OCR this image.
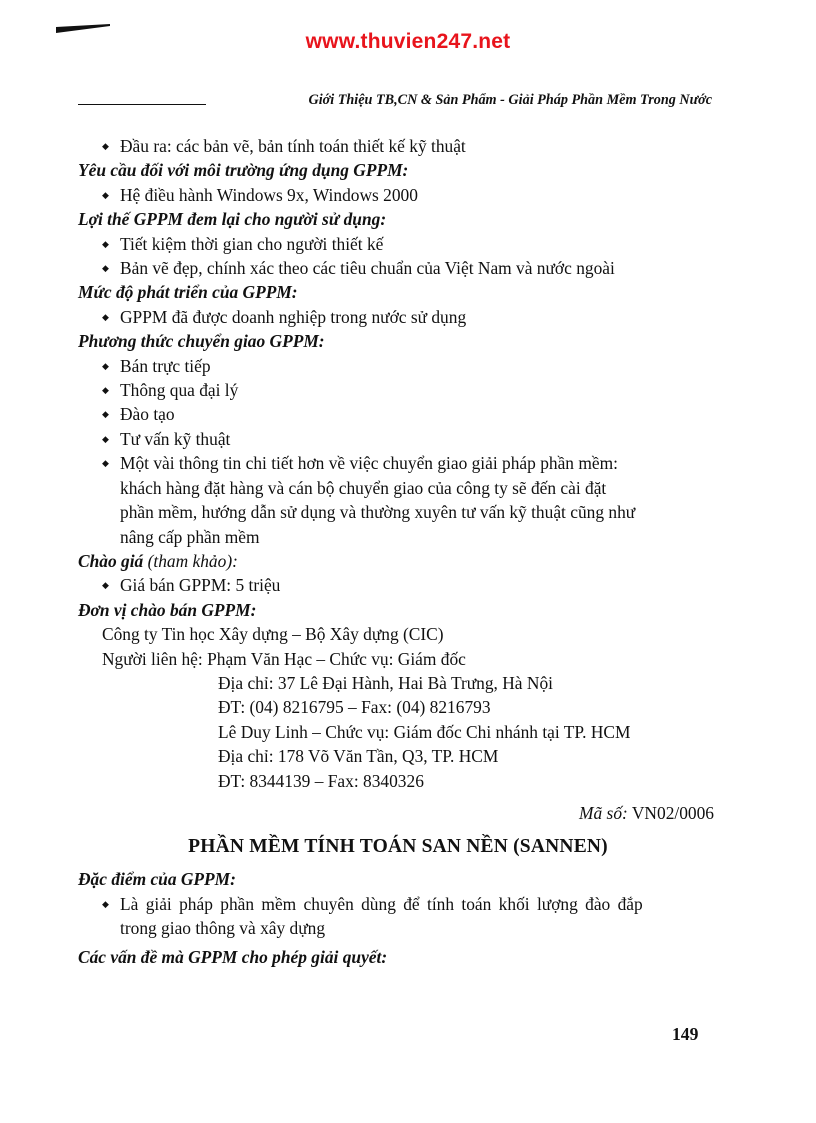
www.thuvien247.net
Giới Thiệu TB,CN & Sản Phẩm - Giải Pháp Phần Mềm Trong Nước
◆ Đầu ra: các bản vẽ, bản tính toán thiết kế kỹ thuật
Yêu cầu đối với môi trường ứng dụng GPPM:
◆ Hệ điều hành Windows 9x, Windows 2000
Lợi thế GPPM đem lại cho người sử dụng:
◆ Tiết kiệm thời gian cho người thiết kế
◆ Bản vẽ đẹp, chính xác theo các tiêu chuẩn của Việt Nam và nước ngoài
Mức độ phát triển của GPPM:
◆ GPPM đã được doanh nghiệp trong nước sử dụng
Phương thức chuyển giao GPPM:
◆ Bán trực tiếp
◆ Thông qua đại lý
◆ Đào tạo
◆ Tư vấn kỹ thuật
◆ Một vài thông tin chi tiết hơn về việc chuyển giao giải pháp phần mềm:
khách hàng đặt hàng và cán bộ chuyển giao của công ty sẽ đến cài đặt
phần mềm, hướng dẫn sử dụng và thường xuyên tư vấn kỹ thuật cũng như
nâng cấp phần mềm
Chào giá (tham khảo):
◆ Giá bán GPPM: 5 triệu
Đơn vị chào bán GPPM:
Công ty Tin học Xây dựng – Bộ Xây dựng (CIC)
Người liên hệ: Phạm Văn Hạc – Chức vụ: Giám đốc
Địa chỉ: 37 Lê Đại Hành, Hai Bà Trưng, Hà Nội
ĐT: (04) 8216795 – Fax: (04) 8216793
Lê Duy Linh – Chức vụ: Giám đốc Chi nhánh tại TP. HCM
Địa chỉ: 178 Võ Văn Tần, Q3, TP. HCM
ĐT: 8344139 – Fax: 8340326
Mã số: VN02/0006
PHẦN MỀM TÍNH TOÁN SAN NỀN (SANNEN)
Đặc điểm của GPPM:
◆ Là giải pháp phần mềm chuyên dùng để tính toán khối lượng đào đắp
trong giao thông và xây dựng
Các vấn đề mà GPPM cho phép giải quyết:
149
